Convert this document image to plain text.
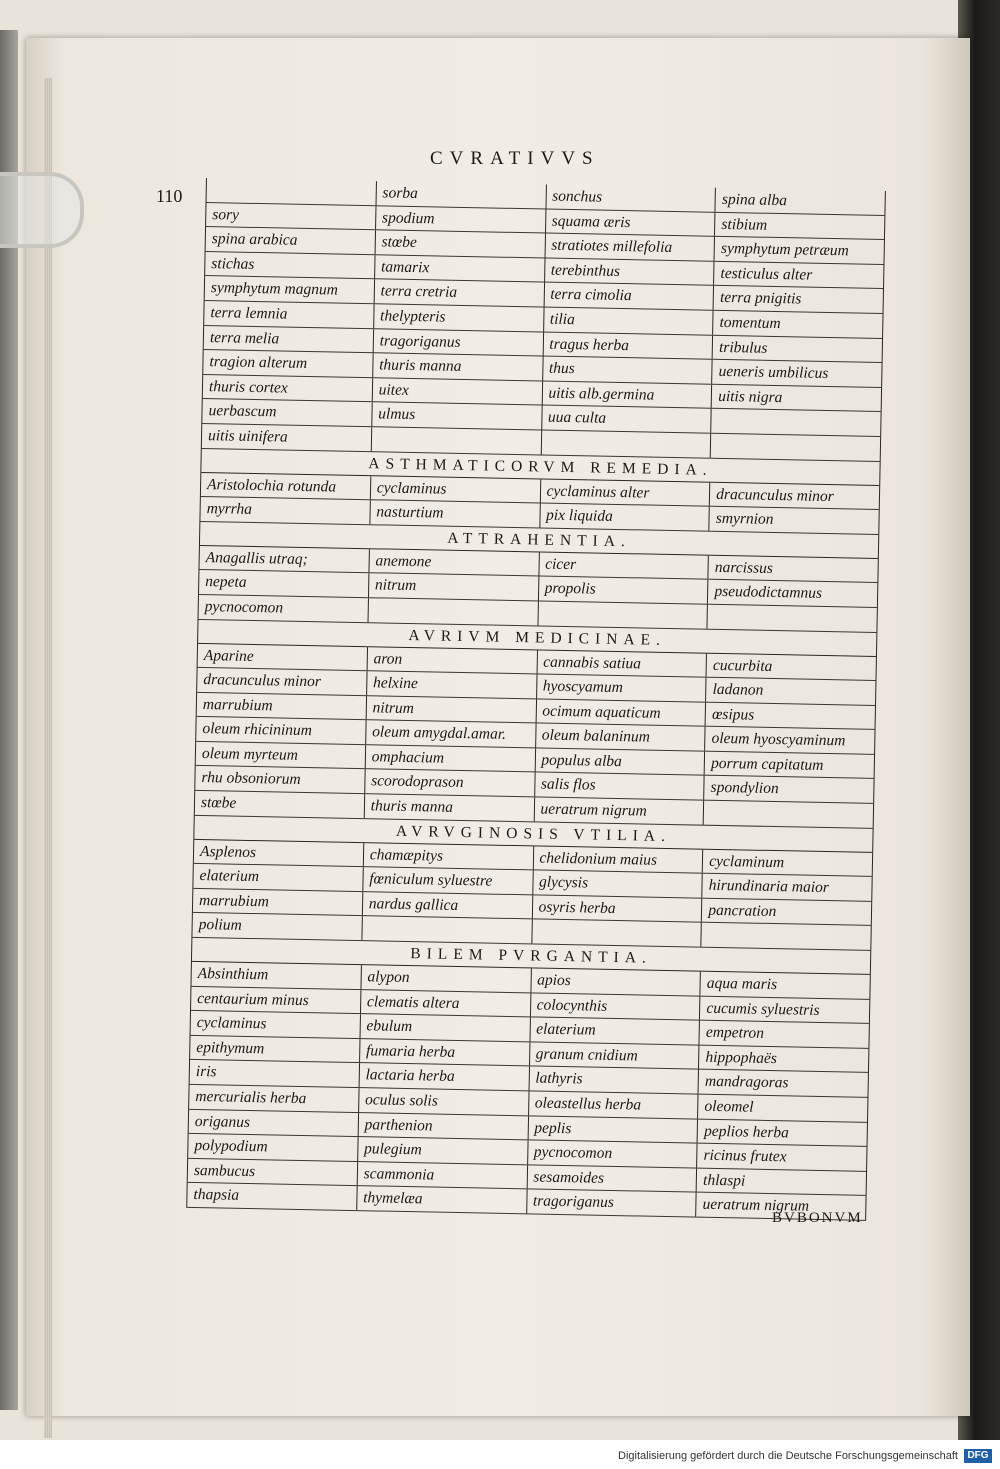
CVRATIVVS
110	sorba	sonchus	spina alba
sory	spodium	squama æris	stibium
spina arabica	stœbe	stratiotes millefolia	symphytum petræum
stichas	tamarix	terebinthus	testiculus alter
symphytum magnum	terra cretria	terra cimolia	terra pnigitis
terra lemnia	thelypteris	tilia	tomentum
terra melia	tragoriganus	tragus herba	tribulus
tragion alterum	thuris manna	thus	ueneris umbilicus
thuris cortex	uitex	uitis alb.germina	uitis nigra
uerbascum	ulmus	uua culta
uitis uinifera
ASTHMATICORVM REMEDIA.
Aristolochia rotunda	cyclaminus	cyclaminus alter	dracunculus minor
myrrha	nasturtium	pix liquida	smyrnion
ATTRAHENTIA.
Anagallis utraq;	anemone	cicer	narcissus
nepeta	nitrum	propolis	pseudodictamnus
pycnocomon
AVRIVM MEDICINAE.
Aparine	aron	cannabis satiua	cucurbita
dracunculus minor	helxine	hyoscyamum	ladanon
marrubium	nitrum	ocimum aquaticum	œsipus
oleum rhicininum	oleum amygdal.amar.	oleum balaninum	oleum hyoscyaminum
oleum myrteum	omphacium	populus alba	porrum capitatum
rhu obsoniorum	scorodoprason	salis flos	spondylion
stœbe	thuris manna	ueratrum nigrum
AVRVGINOSIS VTILIA.
Asplenos	chamæpitys	chelidonium maius	cyclaminum
elaterium	fœniculum syluestre	glycysis	hirundinaria maior
marrubium	nardus gallica	osyris herba	pancration
polium
BILEM PVRGANTIA.
Absinthium	alypon	apios	aqua maris
centaurium minus	clematis altera	colocynthis	cucumis syluestris
cyclaminus	ebulum	elaterium	empetron
epithymum	fumaria herba	granum cnidium	hippophaës
iris	lactaria herba	lathyris	mandragoras
mercurialis herba	oculus solis	oleastellus herba	oleomel
origanus	parthenion	peplis	peplios herba
polypodium	pulegium	pycnocomon	ricinus frutex
sambucus	scammonia	sesamoides	thlaspi
thapsia	thymelæa	tragoriganus	ueratrum nigrum
BVBONVM
Digitalisierung gefördert durch die Deutsche Forschungsgemeinschaft DFG
